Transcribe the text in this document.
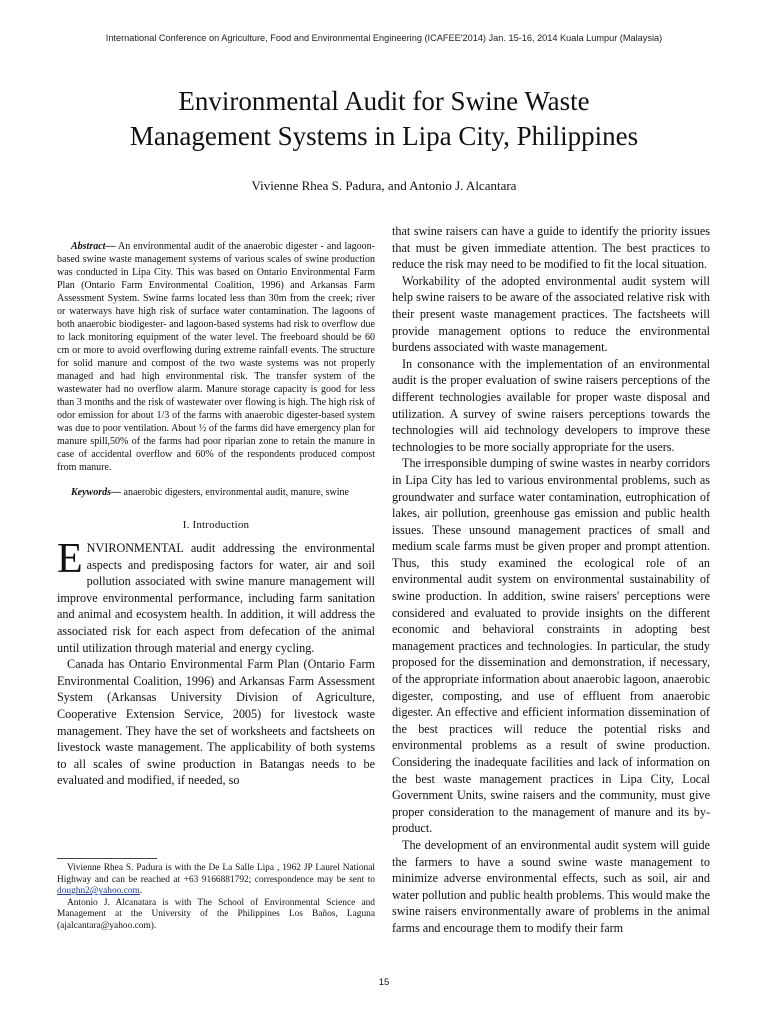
International Conference on Agriculture, Food and Environmental Engineering (ICAFEE'2014) Jan. 15-16, 2014 Kuala Lumpur (Malaysia)
Environmental Audit for Swine Waste
Management Systems in Lipa City, Philippines
Vivienne Rhea S. Padura, and Antonio J. Alcantara

Abstract— An environmental audit of the anaerobic digester - and lagoon-based swine waste management systems of various scales of swine production was conducted in Lipa City. This was based on Ontario Environmental Farm Plan (Ontario Farm Environmental Coalition, 1996) and Arkansas Farm Assessment System. Swine farms located less than 30m from the creek; river or waterways have high risk of surface water contamination. The lagoons of both anaerobic biodigester- and lagoon-based systems had risk to overflow due to lack monitoring equipment of the water level. The freeboard should be 60 cm or more to avoid overflowing during extreme rainfall events. The structure for solid manure and compost of the two waste systems was not properly managed and had high environmental risk. The transfer system of the wastewater had no overflow alarm. Manure storage capacity is good for less than 3 months and the risk of wastewater over flowing is high. The high risk of odor emission for about 1/3 of the farms with anaerobic digester-based system was due to poor ventilation. About ½ of the farms did have emergency plan for manure spill,50% of the farms had poor riparian zone to retain the manure in case of accidental overflow and 60% of the respondents produced compost from manure.

Keywords— anaerobic digesters, environmental audit, manure, swine

I. Introduction

ENVIRONMENTAL audit addressing the environmental aspects and predisposing factors for water, air and soil pollution associated with swine manure management will improve environmental performance, including farm sanitation and animal and ecosystem health. In addition, it will address the associated risk for each aspect from defecation of the animal until utilization through material and energy cycling.

Canada has Ontario Environmental Farm Plan (Ontario Farm Environmental Coalition, 1996) and Arkansas Farm Assessment System (Arkansas University Division of Agriculture, Cooperative Extension Service, 2005) for livestock waste management. They have the set of worksheets and factsheets on livestock waste management. The applicability of both systems to all scales of swine production in Batangas needs to be evaluated and modified, if needed, so

that swine raisers can have a guide to identify the priority issues that must be given immediate attention. The best practices to reduce the risk may need to be modified to fit the local situation.

Workability of the adopted environmental audit system will help swine raisers to be aware of the associated relative risk with their present waste management practices. The factsheets will provide management options to reduce the environmental burdens associated with waste management.

In consonance with the implementation of an environmental audit is the proper evaluation of swine raisers perceptions of the different technologies available for proper waste disposal and utilization. A survey of swine raisers perceptions towards the technologies will aid technology developers to improve these technologies to be more socially appropriate for the users.

The irresponsible dumping of swine wastes in nearby corridors in Lipa City has led to various environmental problems, such as groundwater and surface water contamination, eutrophication of lakes, air pollution, greenhouse gas emission and public health issues. These unsound management practices of small and medium scale farms must be given proper and prompt attention. Thus, this study examined the ecological role of an environmental audit system on environmental sustainability of swine production. In addition, swine raisers' perceptions were considered and evaluated to provide insights on the different economic and behavioral constraints in adopting best management practices and technologies. In particular, the study proposed for the dissemination and demonstration, if necessary, of the appropriate information about anaerobic lagoon, anaerobic digester, composting, and use of effluent from anaerobic digester. An effective and efficient information dissemination of the best practices will reduce the potential risks and environmental problems as a result of swine production. Considering the inadequate facilities and lack of information on the best waste management practices in Lipa City, Local Government Units, swine raisers and the community, must give proper consideration to the management of manure and its by-product.

The development of an environmental audit system will guide the farmers to have a sound swine waste management to minimize adverse environmental effects, such as soil, air and water pollution and public health problems. This would make the swine raisers environmentally aware of problems in the animal farms and encourage them to modify their farm

Vivienne Rhea S. Padura is with the De La Salle Lipa , 1962 JP Laurel National Highway and can be reached at +63 9166881792; correspondence may be sent to doughn2@yahoo.com.

Antonio J. Alcanatara is with The School of Environmental Science and Management at the University of the Philippines Los Baños, Laguna (ajalcantara@yahoo.com).

15
